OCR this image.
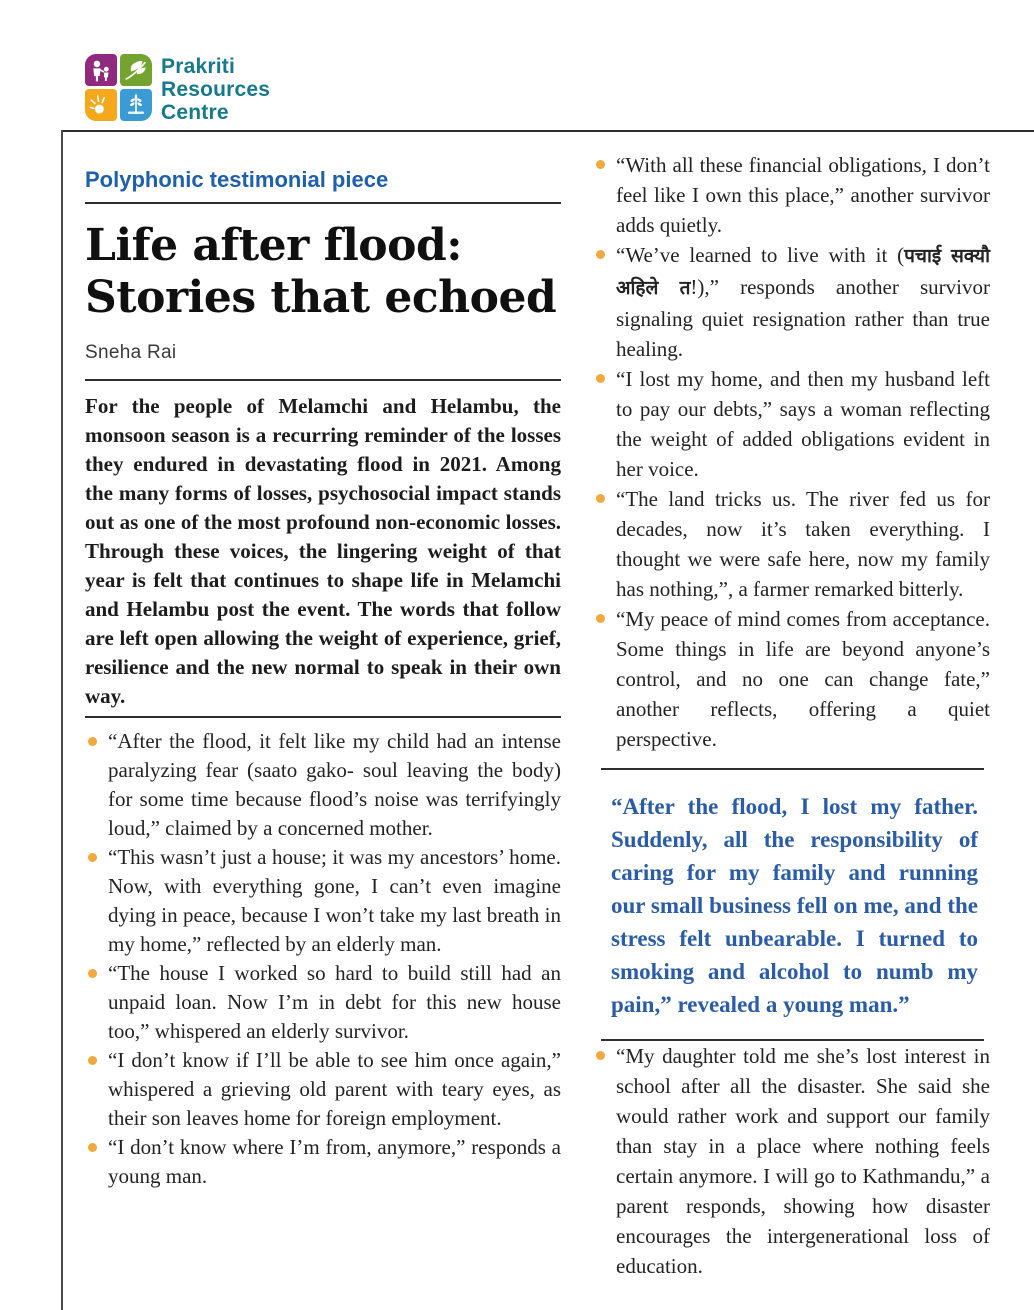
Prakriti
Resources
Centre
Polyphonic testimonial piece
Life after flood: Stories that echoed
Sneha Rai

For the people of Melamchi and Helambu, the monsoon season is a recurring reminder of the losses they endured in devastating flood in 2021. Among the many forms of losses, psychosocial impact stands out as one of the most profound non-economic losses. Through these voices, the lingering weight of that year is felt that continues to shape life in Melamchi and Helambu post the event. The words that follow are left open allowing the weight of experience, grief, resilience and the new normal to speak in their own way.

“After the flood, it felt like my child had an intense paralyzing fear (saato gako- soul leaving the body) for some time because flood’s noise was terrifyingly loud,” claimed by a concerned mother.
“This wasn’t just a house; it was my ancestors’ home. Now, with everything gone, I can’t even imagine dying in peace, because I won’t take my last breath in my home,” reflected by an elderly man.
“The house I worked so hard to build still had an unpaid loan. Now I’m in debt for this new house too,” whispered an elderly survivor.
“I don’t know if I’ll be able to see him once again,” whispered a grieving old parent with teary eyes, as their son leaves home for foreign employment.
“I don’t know where I’m from, anymore,” responds a young man.
“With all these financial obligations, I don’t feel like I own this place,” another survivor adds quietly.
“We’ve learned to live with it (पचाई सक्यौ अहिले त!),” responds another survivor signaling quiet resignation rather than true healing.
“I lost my home, and then my husband left to pay our debts,” says a woman reflecting the weight of added obligations evident in her voice.
“The land tricks us. The river fed us for decades, now it’s taken everything. I thought we were safe here, now my family has nothing,”, a farmer remarked bitterly.
“My peace of mind comes from acceptance. Some things in life are beyond anyone’s control, and no one can change fate,” another reflects, offering a quiet perspective.

“After the flood, I lost my father. Suddenly, all the responsibility of caring for my family and running our small business fell on me, and the stress felt unbearable. I turned to smoking and alcohol to numb my pain,” revealed a young man.”

“My daughter told me she’s lost interest in school after all the disaster. She said she would rather work and support our family than stay in a place where nothing feels certain anymore. I will go to Kathmandu,” a parent responds, showing how disaster encourages the intergenerational loss of education.
